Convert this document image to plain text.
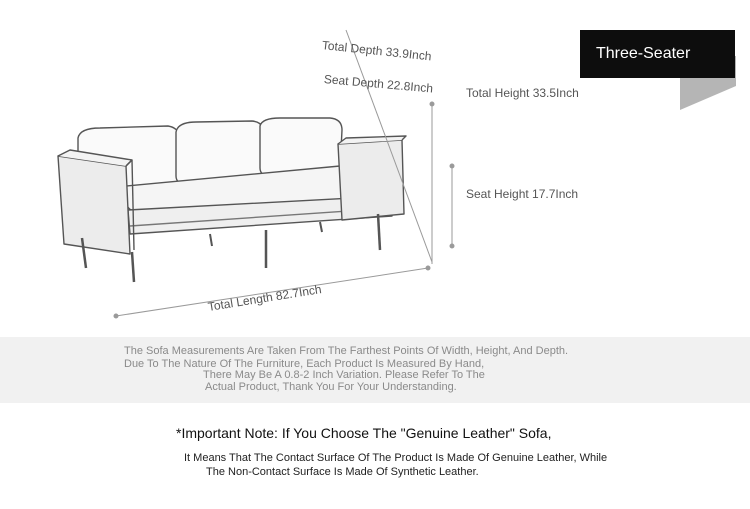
Total Depth 33.9Inch
Seat Depth 22.8Inch	Total Height 33.5Inch
Seat Height 17.7Inch
Total Length 82.7Inch
Three-Seater
The Sofa Measurements Are Taken From The Farthest Points Of Width, Height, And Depth.
Due To The Nature Of The Furniture, Each Product Is Measured By Hand,
There May Be A 0.8-2 Inch Variation. Please Refer To The
Actual Product, Thank You For Your Understanding.
*Important Note: If You Choose The "Genuine Leather" Sofa,
It Means That The Contact Surface Of The Product Is Made Of Genuine Leather, While
The Non-Contact Surface Is Made Of Synthetic Leather.
